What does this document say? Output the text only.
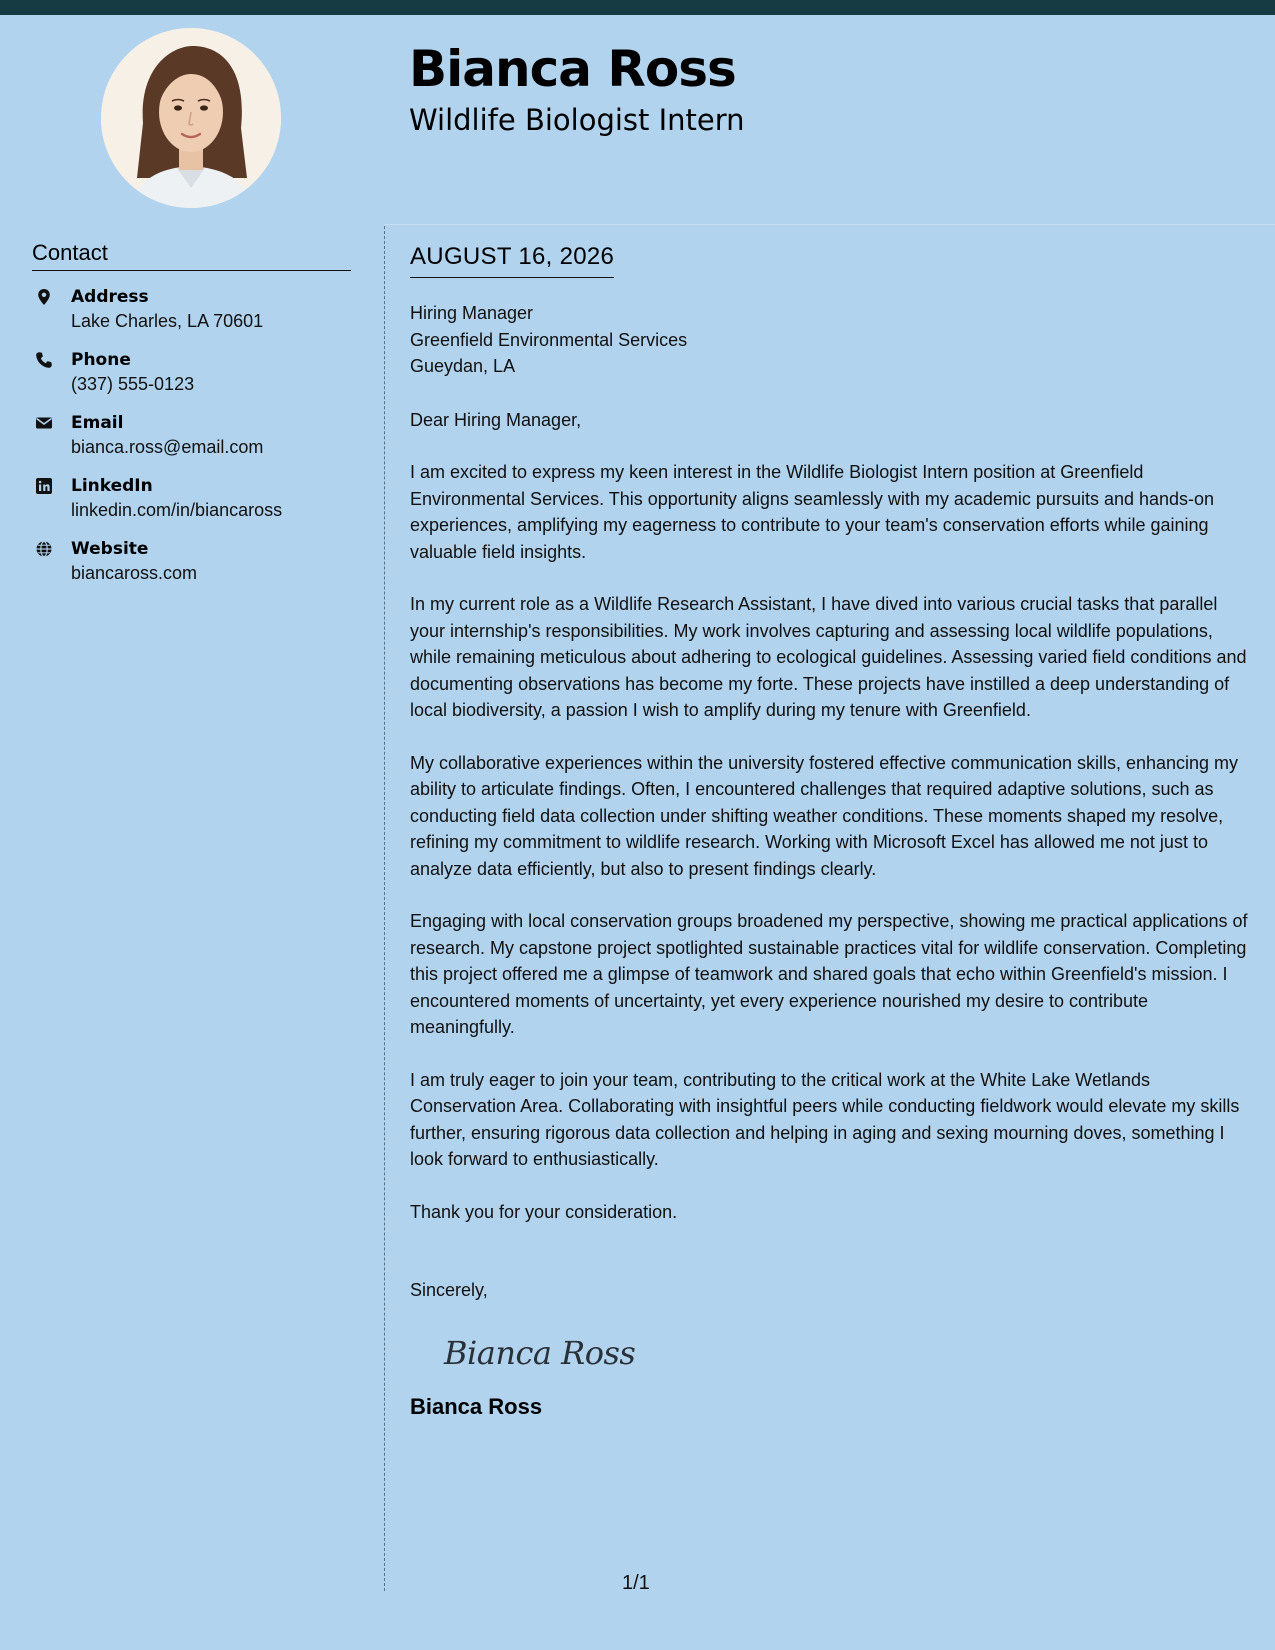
Bianca Ross
Wildlife Biologist Intern
Contact
Address
Lake Charles, LA 70601
Phone
(337) 555-0123
Email
bianca.ross@email.com
LinkedIn
linkedin.com/in/biancaross
Website
biancaross.com
AUGUST 16, 2026
Hiring Manager
Greenfield Environmental Services
Gueydan, LA
Dear Hiring Manager,

I am excited to express my keen interest in the Wildlife Biologist Intern position at Greenfield Environmental Services. This opportunity aligns seamlessly with my academic pursuits and hands-on experiences, amplifying my eagerness to contribute to your team's conservation efforts while gaining valuable field insights.

In my current role as a Wildlife Research Assistant, I have dived into various crucial tasks that parallel your internship's responsibilities. My work involves capturing and assessing local wildlife populations, while remaining meticulous about adhering to ecological guidelines. Assessing varied field conditions and documenting observations has become my forte. These projects have instilled a deep understanding of local biodiversity, a passion I wish to amplify during my tenure with Greenfield.

My collaborative experiences within the university fostered effective communication skills, enhancing my ability to articulate findings. Often, I encountered challenges that required adaptive solutions, such as conducting field data collection under shifting weather conditions. These moments shaped my resolve, refining my commitment to wildlife research. Working with Microsoft Excel has allowed me not just to analyze data efficiently, but also to present findings clearly.

Engaging with local conservation groups broadened my perspective, showing me practical applications of research. My capstone project spotlighted sustainable practices vital for wildlife conservation. Completing this project offered me a glimpse of teamwork and shared goals that echo within Greenfield's mission. I encountered moments of uncertainty, yet every experience nourished my desire to contribute meaningfully.

I am truly eager to join your team, contributing to the critical work at the White Lake Wetlands Conservation Area. Collaborating with insightful peers while conducting fieldwork would elevate my skills further, ensuring rigorous data collection and helping in aging and sexing mourning doves, something I look forward to enthusiastically.

Thank you for your consideration.
Sincerely,
Bianca Ross
Bianca Ross
1/1
